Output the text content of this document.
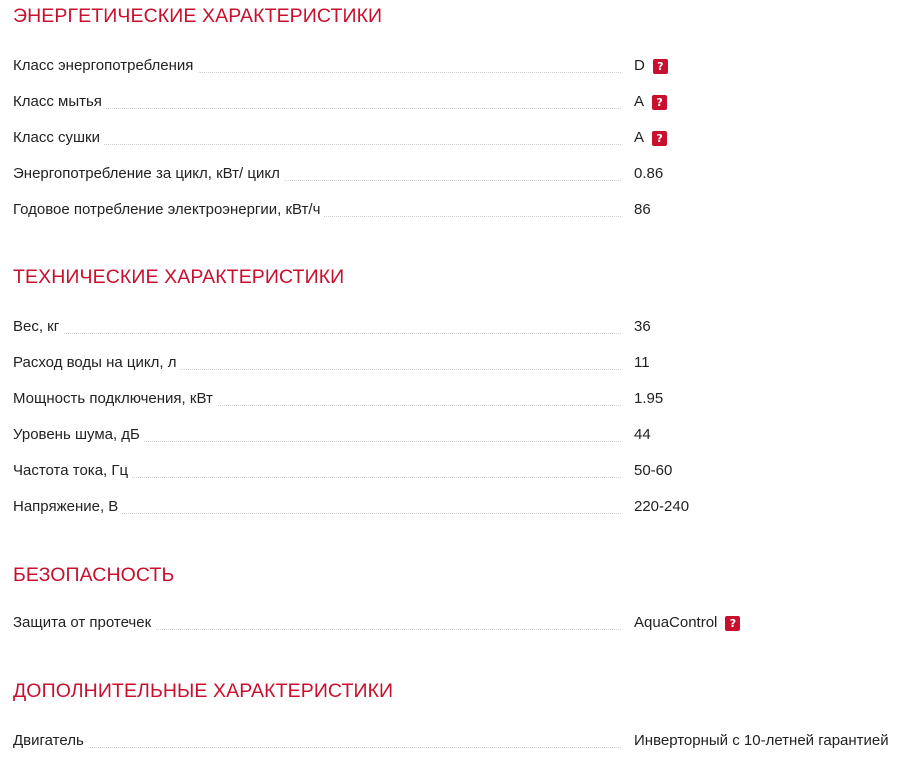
ЭНЕРГЕТИЧЕСКИЕ ХАРАКТЕРИСТИКИ
Класс энергопотребления	D	?
Класс мытья	A	?
Класс сушки	A	?
Энергопотребление за цикл, кВт/ цикл	0.86
Годовое потребление электроэнергии, кВт/ч	86
ТЕХНИЧЕСКИЕ ХАРАКТЕРИСТИКИ
Вес, кг	36
Расход воды на цикл, л	11
Мощность подключения, кВт	1.95
Уровень шума, дБ	44
Частота тока, Гц	50-60
Напряжение, В	220-240
БЕЗОПАСНОСТЬ
Защита от протечек	AquaControl	?
ДОПОЛНИТЕЛЬНЫЕ ХАРАКТЕРИСТИКИ
Двигатель	Инверторный с 10-летней гарантией
